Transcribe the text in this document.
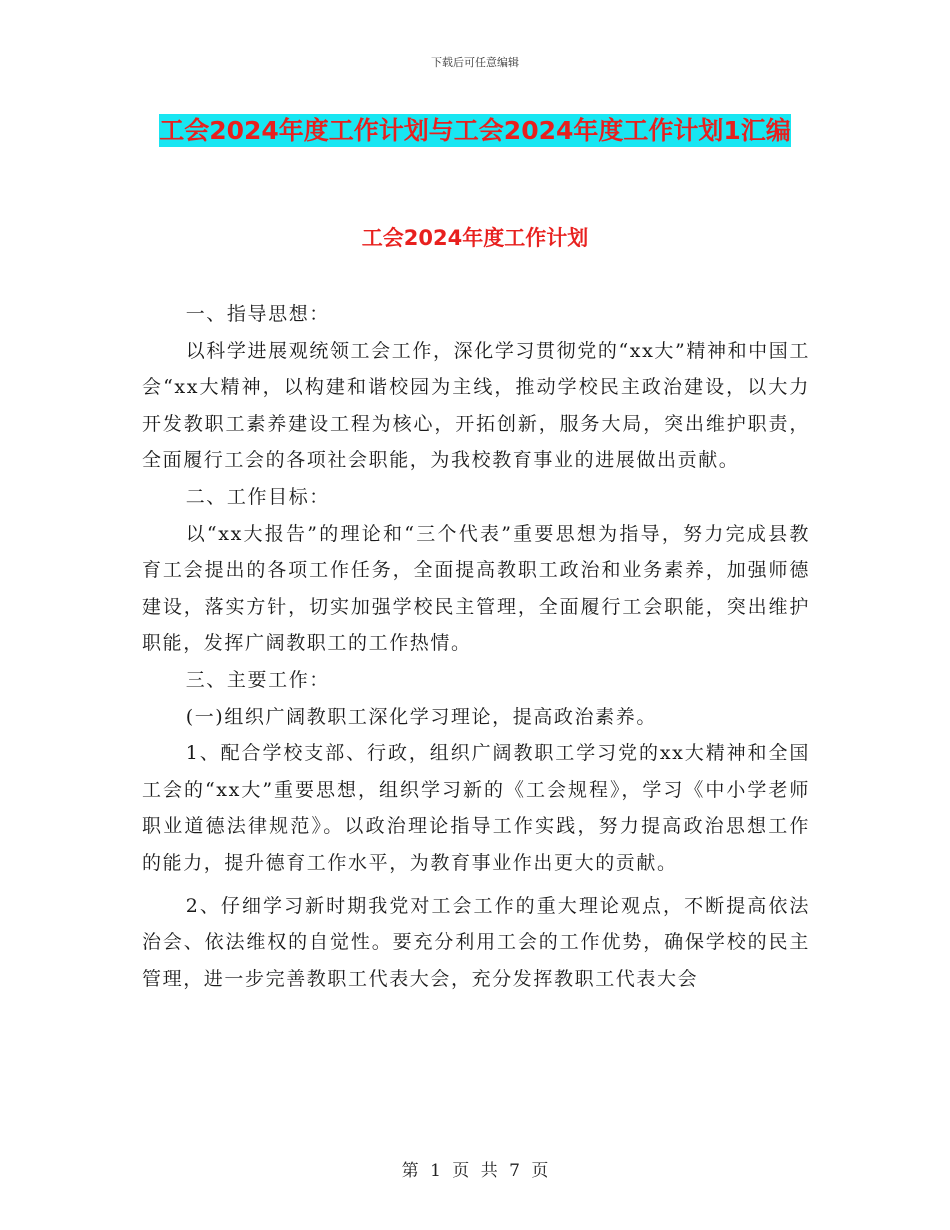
下载后可任意编辑
工会2024年度工作计划与工会2024年度工作计划1汇编
工会2024年度工作计划

一、指导思想：

以科学进展观统领工会工作，深化学习贯彻党的“xx大”精神和中国工会“xx大精神，以构建和谐校园为主线，推动学校民主政治建设，以大力开发教职工素养建设工程为核心，开拓创新，服务大局，突出维护职责，全面履行工会的各项社会职能，为我校教育事业的进展做出贡献。

二、工作目标：

以“xx大报告”的理论和“三个代表”重要思想为指导，努力完成县教育工会提出的各项工作任务，全面提高教职工政治和业务素养，加强师德建设，落实方针，切实加强学校民主管理，全面履行工会职能，突出维护职能，发挥广阔教职工的工作热情。

三、主要工作：

(一)组织广阔教职工深化学习理论，提高政治素养。

1、配合学校支部、行政，组织广阔教职工学习党的xx大精神和全国工会的“xx大”重要思想，组织学习新的《工会规程》，学习《中小学老师职业道德法律规范》。以政治理论指导工作实践，努力提高政治思想工作的能力，提升德育工作水平，为教育事业作出更大的贡献。

2、仔细学习新时期我党对工会工作的重大理论观点，不断提高依法治会、依法维权的自觉性。要充分利用工会的工作优势，确保学校的民主管理，进一步完善教职工代表大会，充分发挥教职工代表大会

第 1 页 共 7 页
